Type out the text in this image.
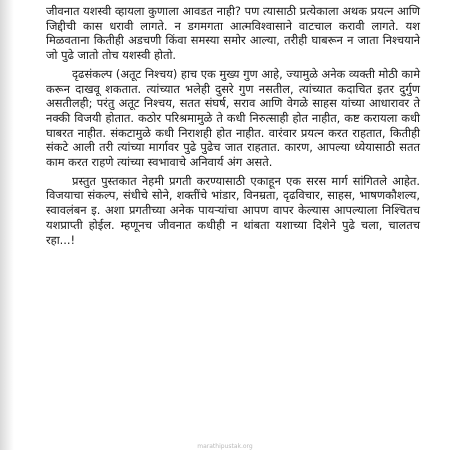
जीवनात यशस्वी व्हायला कुणाला आवडत नाही? पण त्यासाठी प्रत्येकाला अथक प्रयत्न आणि जिद्दीची कास धरावी लागते. न डगमगता आत्मविश्वासाने वाटचाल करावी लागते. यश मिळवताना कितीही अडचणी किंवा समस्या समोर आल्या, तरीही घाबरून न जाता निश्चयाने जो पुढे जातो तोच यशस्वी होतो.

दृढसंकल्प (अतूट निश्चय) हाच एक मुख्य गुण आहे, ज्यामुळे अनेक व्यक्ती मोठी कामे करून दाखवू शकतात. त्यांच्यात भलेही दुसरे गुण नसतील, त्यांच्यात कदाचित इतर दुर्गुण असतीलही; परंतु अतूट निश्चय, सतत संघर्ष, सराव आणि वेगळे साहस यांच्या आधारावर ते नक्की विजयी होतात. कठोर परिश्रमामुळे ते कधी निरुत्साही होत नाहीत, कष्ट करायला कधी घाबरत नाहीत. संकटामुळे कधी निराशही होत नाहीत. वारंवार प्रयत्न करत राहतात, कितीही संकटे आली तरी त्यांच्या मार्गावर पुढे पुढेच जात राहतात. कारण, आपल्या ध्येयासाठी सतत काम करत राहणे त्यांच्या स्वभावाचे अनिवार्य अंग असते.

प्रस्तुत पुस्तकात नेहमी प्रगती करण्यासाठी एकाहून एक सरस मार्ग सांगितले आहेत. विजयाचा संकल्प, संधीचे सोने, शक्तींचे भांडार, विनम्रता, दृढविचार, साहस, भाषणकौशल्य, स्वावलंबन इ. अशा प्रगतीच्या अनेक पायऱ्यांचा आपण वापर केल्यास आपल्याला निश्चितच यशप्राप्ती होईल. म्हणूनच जीवनात कधीही न थांबता यशाच्या दिशेने पुढे चला, चालतच रहा...!

marathipustak.org
